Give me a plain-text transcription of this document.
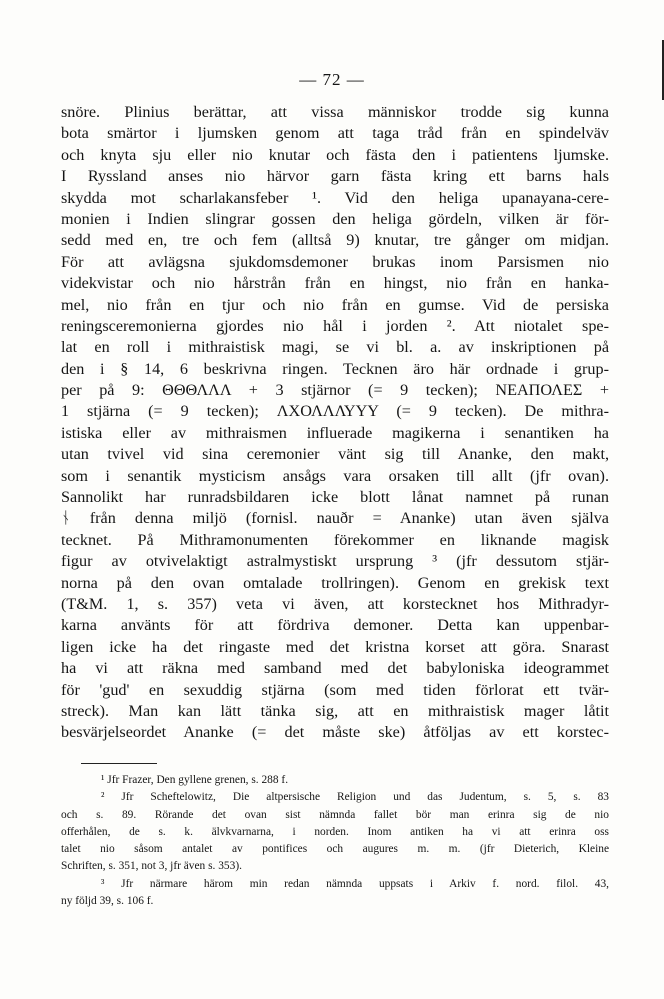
— 72 —
snöre. Plinius berättar, att vissa människor trodde sig kunna
bota smärtor i ljumsken genom att taga tråd från en spindelväv
och knyta sju eller nio knutar och fästa den i patientens ljumske.
I Ryssland anses nio härvor garn fästa kring ett barns hals
skydda mot scharlakansfeber ¹. Vid den heliga upanayana-cere-
monien i Indien slingrar gossen den heliga gördeln, vilken är för-
sedd med en, tre och fem (alltså 9) knutar, tre gånger om midjan.
För att avlägsna sjukdomsdemoner brukas inom Parsismen nio
videkvistar och nio hårstrån från en hingst, nio från en hanka-
mel, nio från en tjur och nio från en gumse. Vid de persiska
reningsceremonierna gjordes nio hål i jorden ². Att niotalet spe-
lat en roll i mithraistisk magi, se vi bl. a. av inskriptionen på
den i § 14, 6 beskrivna ringen. Tecknen äro här ordnade i grup-
per på 9: ΘΘΘΛΛΛ + 3 stjärnor (= 9 tecken); ΝΕΑΠΟΛΕΣ +
1 stjärna (= 9 tecken); ΛΧΟΛΛΛΥΥΥ (= 9 tecken). De mithra-
istiska eller av mithraismen influerade magikerna i senantiken ha
utan tvivel vid sina ceremonier vänt sig till Ananke, den makt,
som i senantik mysticism ansågs vara orsaken till allt (jfr ovan).
Sannolikt har runradsbildaren icke blott lånat namnet på runan
ᚾ från denna miljö (fornisl. nauðr = Ananke) utan även själva
tecknet. På Mithramonumenten förekommer en liknande magisk
figur av otvivelaktigt astralmystiskt ursprung ³ (jfr dessutom stjär-
norna på den ovan omtalade trollringen). Genom en grekisk text
(T&M. 1, s. 357) veta vi även, att korstecknet hos Mithradyr-
karna använts för att fördriva demoner. Detta kan uppenbar-
ligen icke ha det ringaste med det kristna korset att göra. Snarast
ha vi att räkna med samband med det babyloniska ideogrammet
för 'gud' en sexuddig stjärna (som med tiden förlorat ett tvär-
streck). Man kan lätt tänka sig, att en mithraistisk mager låtit
besvärjelseordet Ananke (= det måste ske) åtföljas av ett korstec-
¹ Jfr Frazer, Den gyllene grenen, s. 288 f.
² Jfr Scheftelowitz, Die altpersische Religion und das Judentum, s. 5, s. 83
och s. 89. Rörande det ovan sist nämnda fallet bör man erinra sig de nio
offerhålen, de s. k. älvkvarnarna, i norden. Inom antiken ha vi att erinra oss
talet nio såsom antalet av pontifices och augures m. m. (jfr Dieterich, Kleine
Schriften, s. 351, not 3, jfr även s. 353).
³ Jfr närmare härom min redan nämnda uppsats i Arkiv f. nord. filol. 43,
ny följd 39, s. 106 f.
